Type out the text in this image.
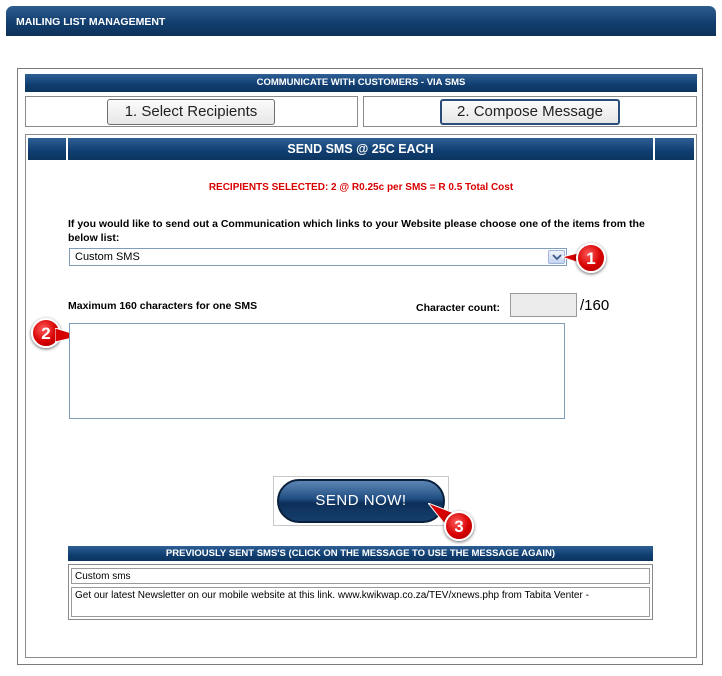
MAILING LIST MANAGEMENT
COMMUNICATE WITH CUSTOMERS - VIA SMS
1. Select Recipients	2. Compose Message
SEND SMS @ 25C EACH
RECIPIENTS SELECTED: 2 @ R0.25c per SMS = R 0.5 Total Cost
If you would like to send out a Communication which links to your Website please choose one of the items from the below list:
Custom SMS	1
Maximum 160 characters for one SMS	Character count:	/160
2
SEND NOW!
3
PREVIOUSLY SENT SMS'S (CLICK ON THE MESSAGE TO USE THE MESSAGE AGAIN)
Custom sms
Get our latest Newsletter on our mobile website at this link. www.kwikwap.co.za/TEV/xnews.php from Tabita Venter -
